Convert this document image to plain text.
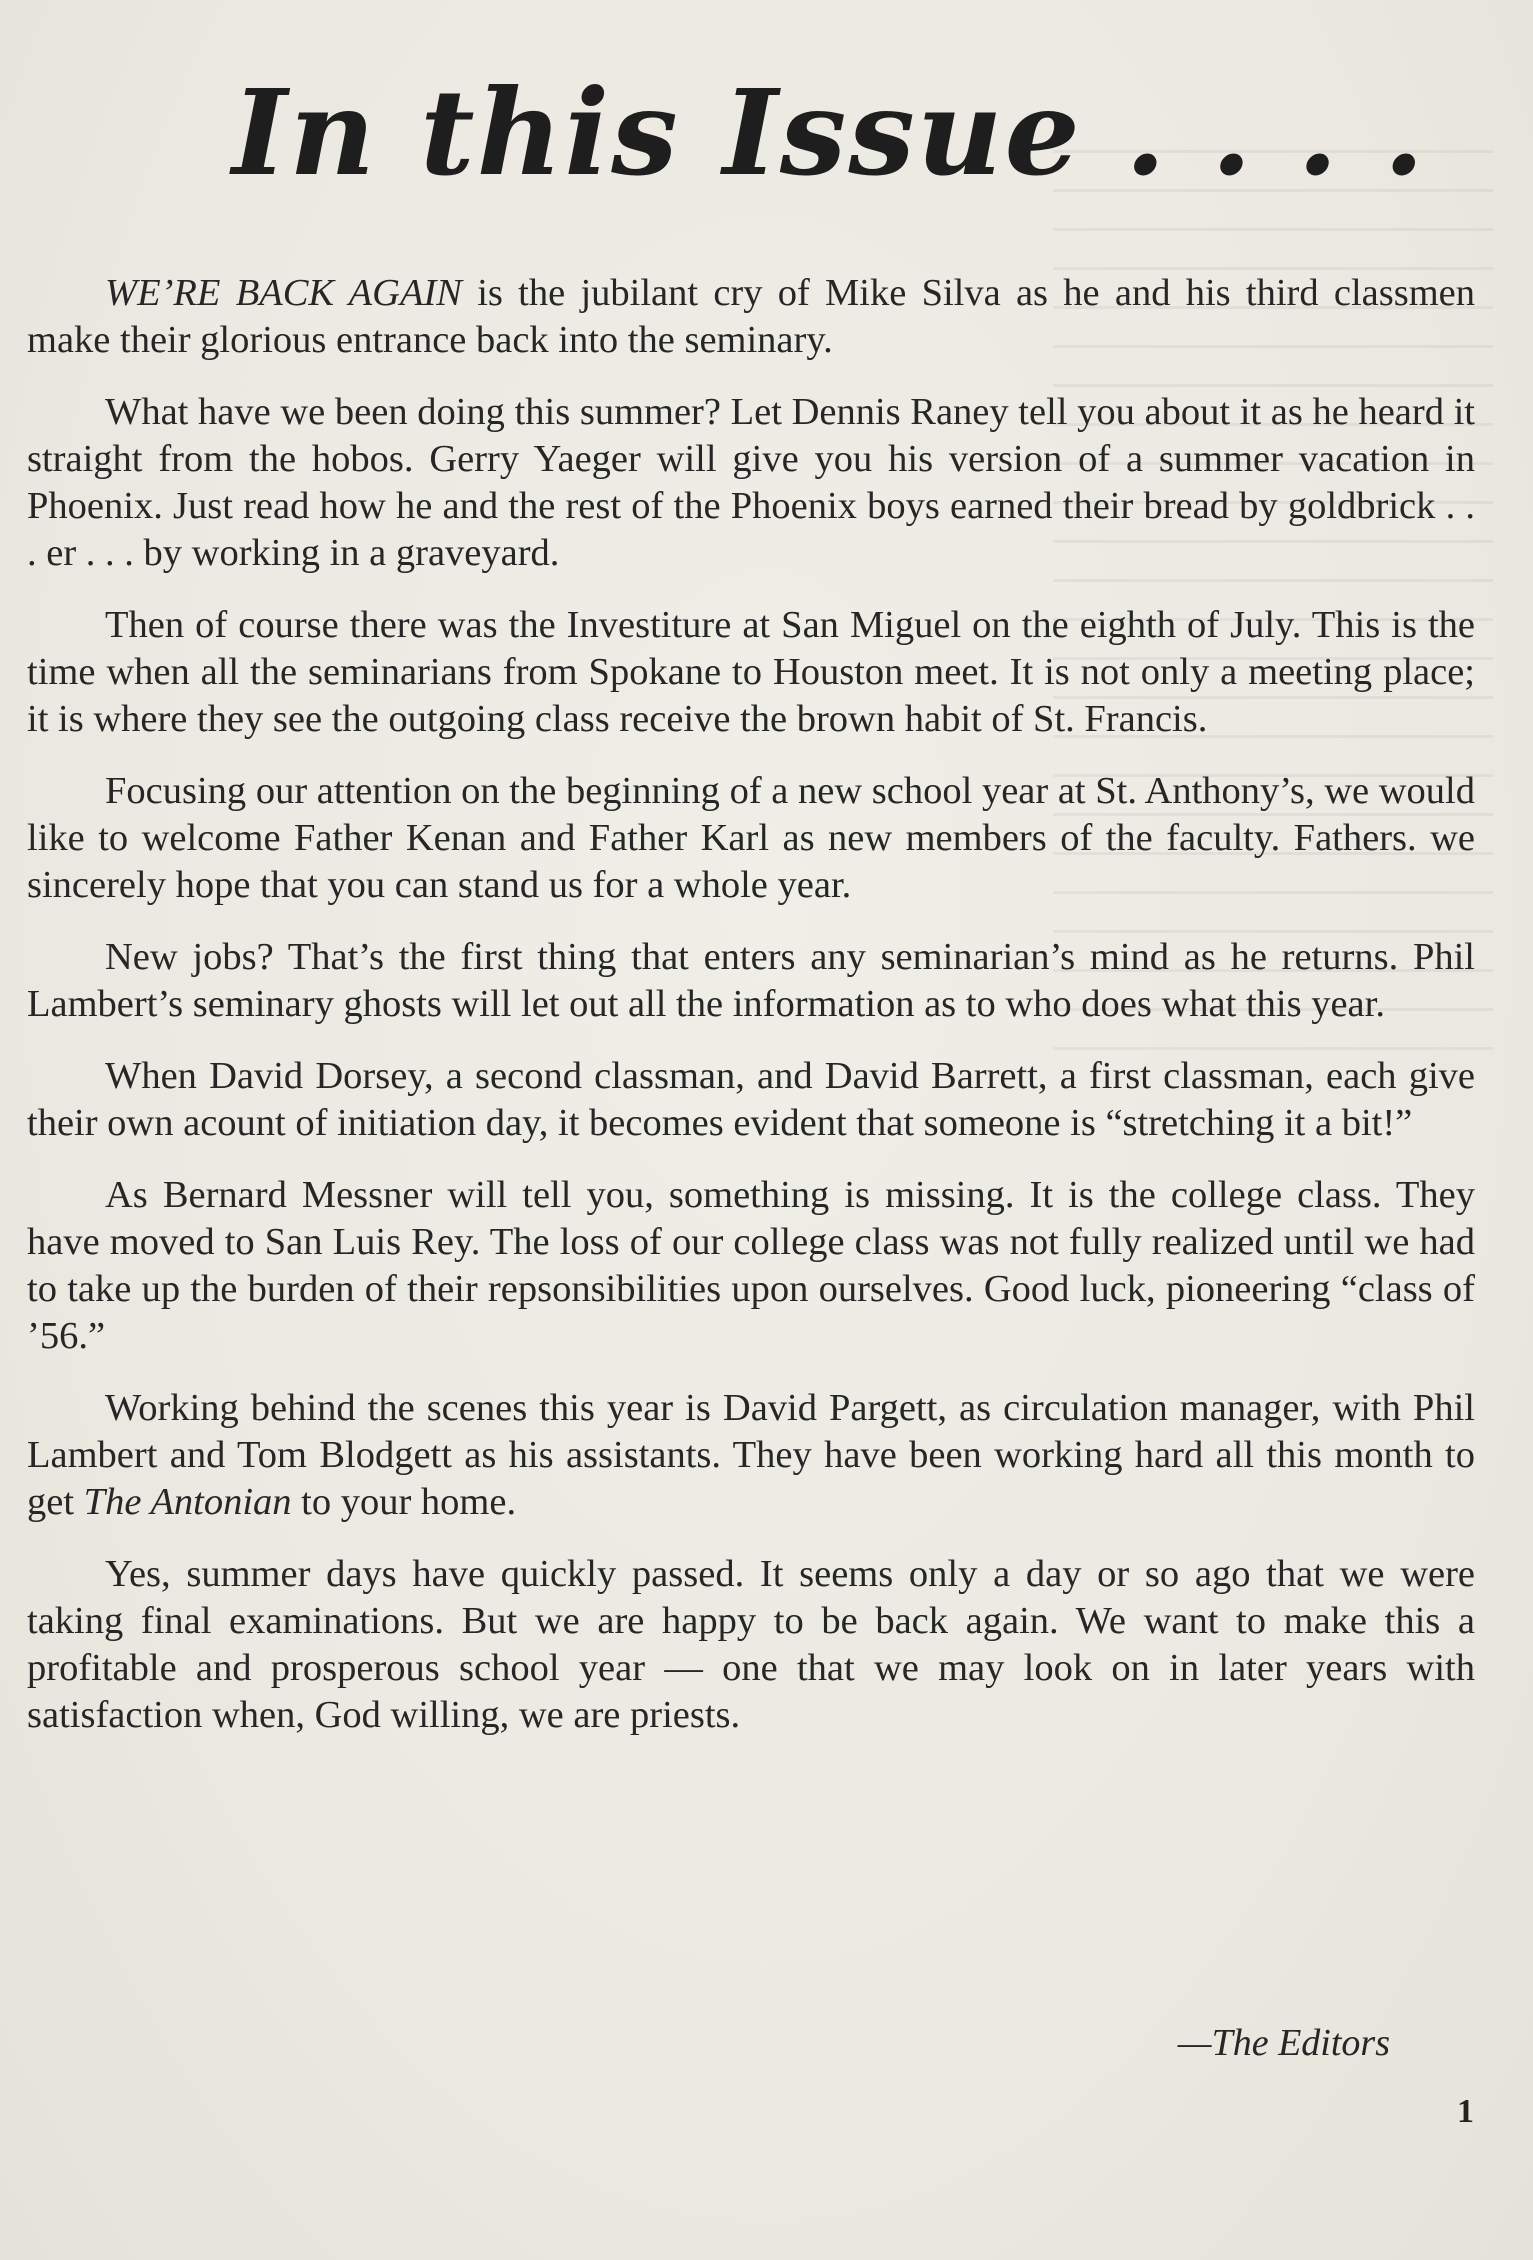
In this Issue . . . .

WE’RE BACK AGAIN is the jubilant cry of Mike Silva as he and his third classmen make their glorious entrance back into the seminary.

What have we been doing this summer? Let Dennis Raney tell you about it as he heard it straight from the hobos. Gerry Yaeger will give you his version of a summer vacation in Phoenix. Just read how he and the rest of the Phoenix boys earned their bread by goldbrick . . . er . . . by working in a graveyard.

Then of course there was the Investiture at San Miguel on the eighth of July. This is the time when all the seminarians from Spokane to Houston meet. It is not only a meeting place; it is where they see the outgoing class receive the brown habit of St. Francis.

Focusing our attention on the beginning of a new school year at St. Anthony’s, we would like to welcome Father Kenan and Father Karl as new members of the faculty. Fathers. we sincerely hope that you can stand us for a whole year.

New jobs? That’s the first thing that enters any seminarian’s mind as he returns. Phil Lambert’s seminary ghosts will let out all the information as to who does what this year.

When David Dorsey, a second classman, and David Barrett, a first classman, each give their own acount of initiation day, it becomes evident that someone is “stretching it a bit!”

As Bernard Messner will tell you, something is missing. It is the college class. They have moved to San Luis Rey. The loss of our college class was not fully realized until we had to take up the burden of their repsonsibilities upon ourselves. Good luck, pioneering “class of ’56.”

Working behind the scenes this year is David Pargett, as circulation manager, with Phil Lambert and Tom Blodgett as his assistants. They have been working hard all this month to get The Antonian to your home.

Yes, summer days have quickly passed. It seems only a day or so ago that we were taking final examinations. But we are happy to be back again. We want to make this a profitable and prosperous school year — one that we may look on in later years with satisfaction when, God willing, we are priests.

—The Editors
1
